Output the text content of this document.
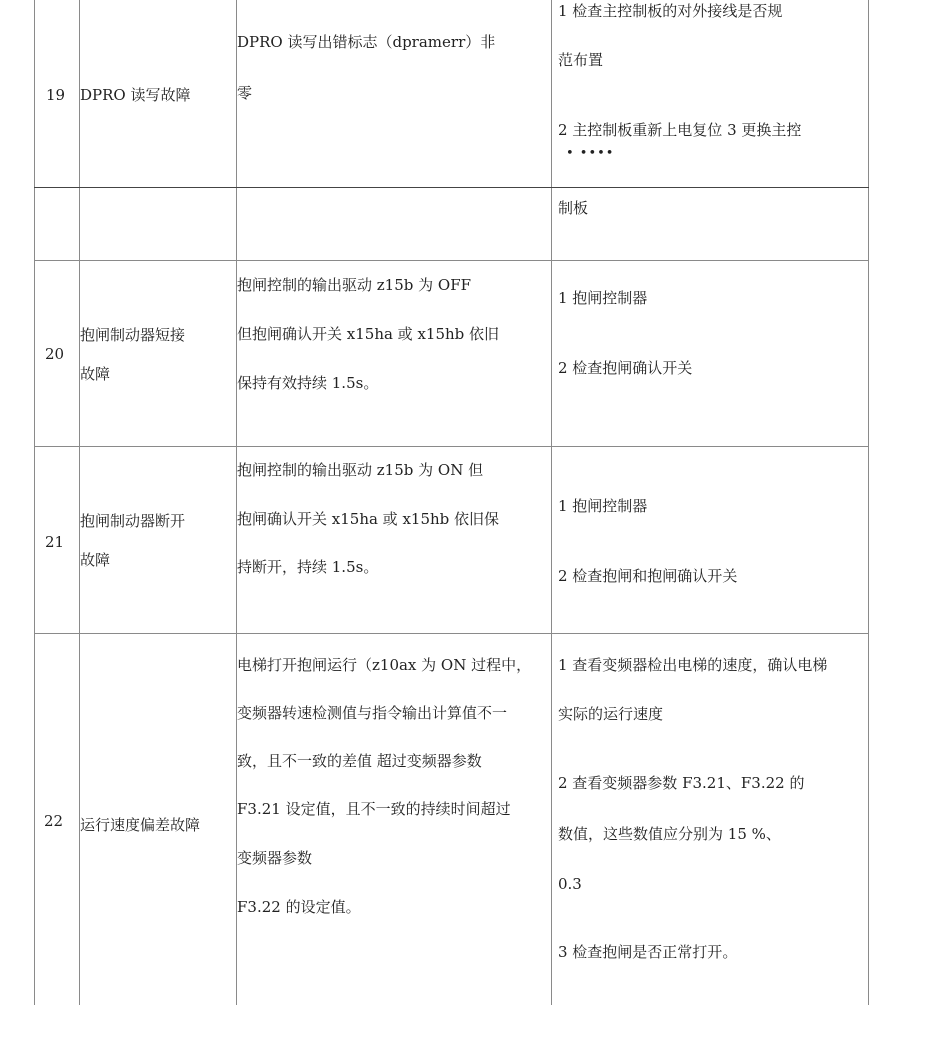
19 DPRO 读写故障
DPRO 读写出错标志（dpramerr）非
零
1 检查主控制板的对外接线是否规
范布置
2 主控制板重新上电复位 3 更换主控
• ••••
制板
20
抱闸制动器短接
故障
抱闸控制的输出驱动 z15b 为 OFF
但抱闸确认开关 x15ha 或 x15hb 依旧
保持有效持续 1.5s。
1 抱闸控制器
2 检查抱闸确认开关
21
抱闸制动器断开
故障
抱闸控制的输出驱动 z15b 为 ON 但
抱闸确认开关 x15ha 或 x15hb 依旧保
持断开，持续 1.5s。
1 抱闸控制器
2 检查抱闸和抱闸确认开关
22 运行速度偏差故障
电梯打开抱闸运行（z10ax 为 ON 过程中，
变频器转速检测值与指令输出计算值不一
致，且不一致的差值 超过变频器参数
F3.21 设定值，且不一致的持续时间超过
变频器参数
F3.22 的设定值。
1 查看变频器检出电梯的速度，确认电梯
实际的运行速度
2 查看变频器参数 F3.21、F3.22 的
数值，这些数值应分别为 15 %、
0.3
3 检查抱闸是否正常打开。
